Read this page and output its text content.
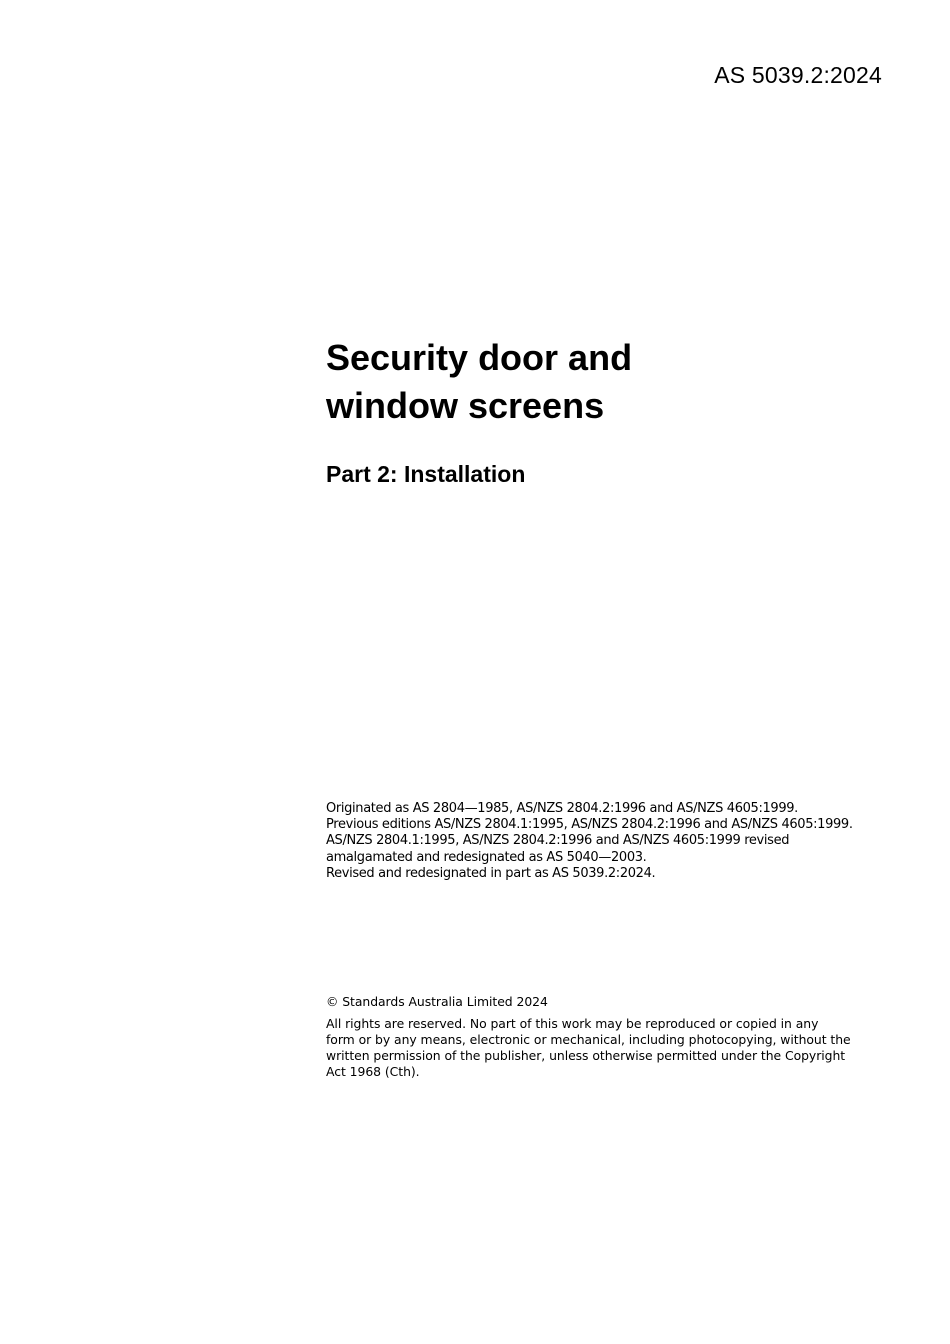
AS 5039.2:2024
Security door and
window screens
Part 2: Installation
Originated as AS 2804—1985, AS/NZS 2804.2:1996 and AS/NZS 4605:1999.
Previous editions AS/NZS 2804.1:1995, AS/NZS 2804.2:1996 and AS/NZS 4605:1999.
AS/NZS 2804.1:1995, AS/NZS 2804.2:1996 and AS/NZS 4605:1999 revised
amalgamated and redesignated as AS 5040—2003.
Revised and redesignated in part as AS 5039.2:2024.
© Standards Australia Limited 2024
All rights are reserved. No part of this work may be reproduced or copied in any
form or by any means, electronic or mechanical, including photocopying, without the
written permission of the publisher, unless otherwise permitted under the Copyright
Act 1968 (Cth).
